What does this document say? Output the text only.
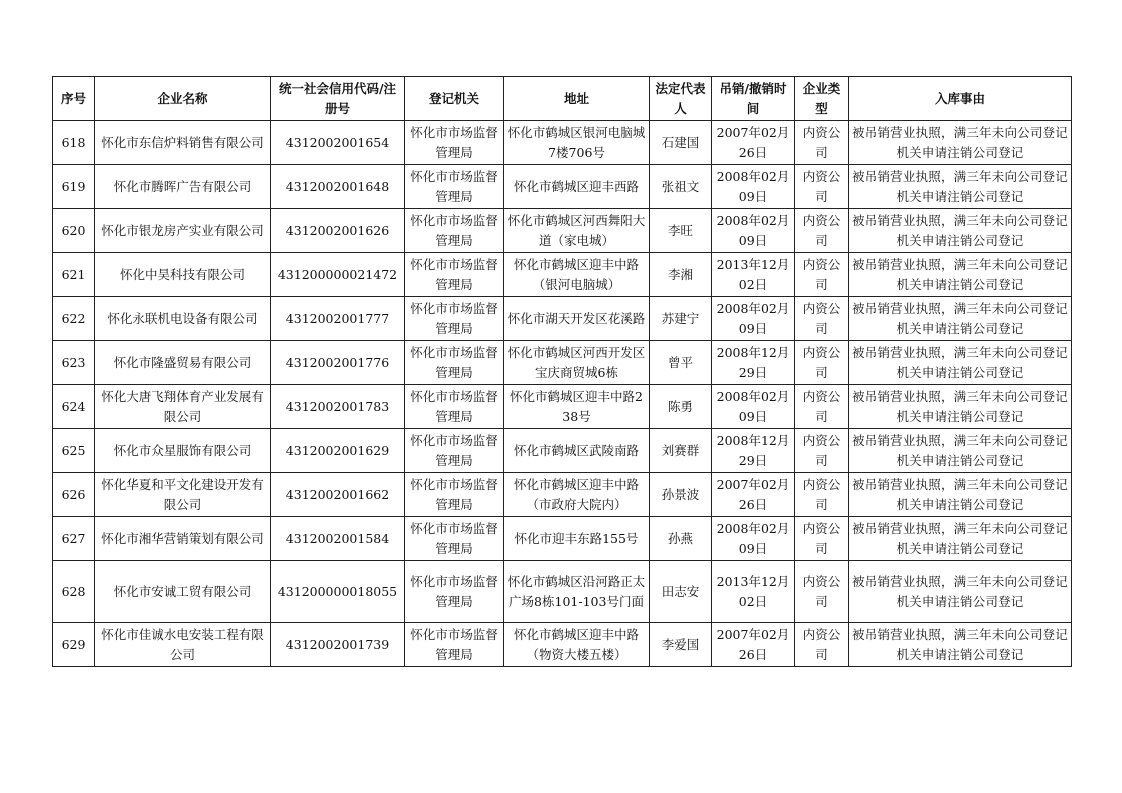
序号	企业名称	统一社会信用代码/注册号	登记机关	地址	法定代表人	吊销/撤销时间	企业类型	入库事由
618	怀化市东信炉料销售有限公司	4312002001654	怀化市市场监督管理局	怀化市鹤城区银河电脑城7楼706号	石建国	2007年02月26日	内资公司	被吊销营业执照，满三年未向公司登记机关申请注销公司登记
619	怀化市腾晖广告有限公司	4312002001648	怀化市市场监督管理局	怀化市鹤城区迎丰西路	张祖文	2008年02月09日	内资公司	被吊销营业执照，满三年未向公司登记机关申请注销公司登记
620	怀化市银龙房产实业有限公司	4312002001626	怀化市市场监督管理局	怀化市鹤城区河西舞阳大道（家电城）	李旺	2008年02月09日	内资公司	被吊销营业执照，满三年未向公司登记机关申请注销公司登记
621	怀化中昊科技有限公司	431200000021472	怀化市市场监督管理局	怀化市鹤城区迎丰中路（银河电脑城）	李湘	2013年12月02日	内资公司	被吊销营业执照，满三年未向公司登记机关申请注销公司登记
622	怀化永联机电设备有限公司	4312002001777	怀化市市场监督管理局	怀化市湖天开发区花溪路	苏建宁	2008年02月09日	内资公司	被吊销营业执照，满三年未向公司登记机关申请注销公司登记
623	怀化市隆盛贸易有限公司	4312002001776	怀化市市场监督管理局	怀化市鹤城区河西开发区宝庆商贸城6栋	曾平	2008年12月29日	内资公司	被吊销营业执照，满三年未向公司登记机关申请注销公司登记
624	怀化大唐飞翔体育产业发展有限公司	4312002001783	怀化市市场监督管理局	怀化市鹤城区迎丰中路238号	陈勇	2008年02月09日	内资公司	被吊销营业执照，满三年未向公司登记机关申请注销公司登记
625	怀化市众星服饰有限公司	4312002001629	怀化市市场监督管理局	怀化市鹤城区武陵南路	刘赛群	2008年12月29日	内资公司	被吊销营业执照，满三年未向公司登记机关申请注销公司登记
626	怀化华夏和平文化建设开发有限公司	4312002001662	怀化市市场监督管理局	怀化市鹤城区迎丰中路（市政府大院内）	孙景波	2007年02月26日	内资公司	被吊销营业执照，满三年未向公司登记机关申请注销公司登记
627	怀化市湘华营销策划有限公司	4312002001584	怀化市市场监督管理局	怀化市迎丰东路155号	孙燕	2008年02月09日	内资公司	被吊销营业执照，满三年未向公司登记机关申请注销公司登记
628	怀化市安诚工贸有限公司	431200000018055	怀化市市场监督管理局	怀化市鹤城区沿河路正太广场8栋101-103号门面	田志安	2013年12月02日	内资公司	被吊销营业执照，满三年未向公司登记机关申请注销公司登记
629	怀化市佳诚水电安装工程有限公司	4312002001739	怀化市市场监督管理局	怀化市鹤城区迎丰中路（物资大楼五楼）	李爱国	2007年02月26日	内资公司	被吊销营业执照，满三年未向公司登记机关申请注销公司登记
